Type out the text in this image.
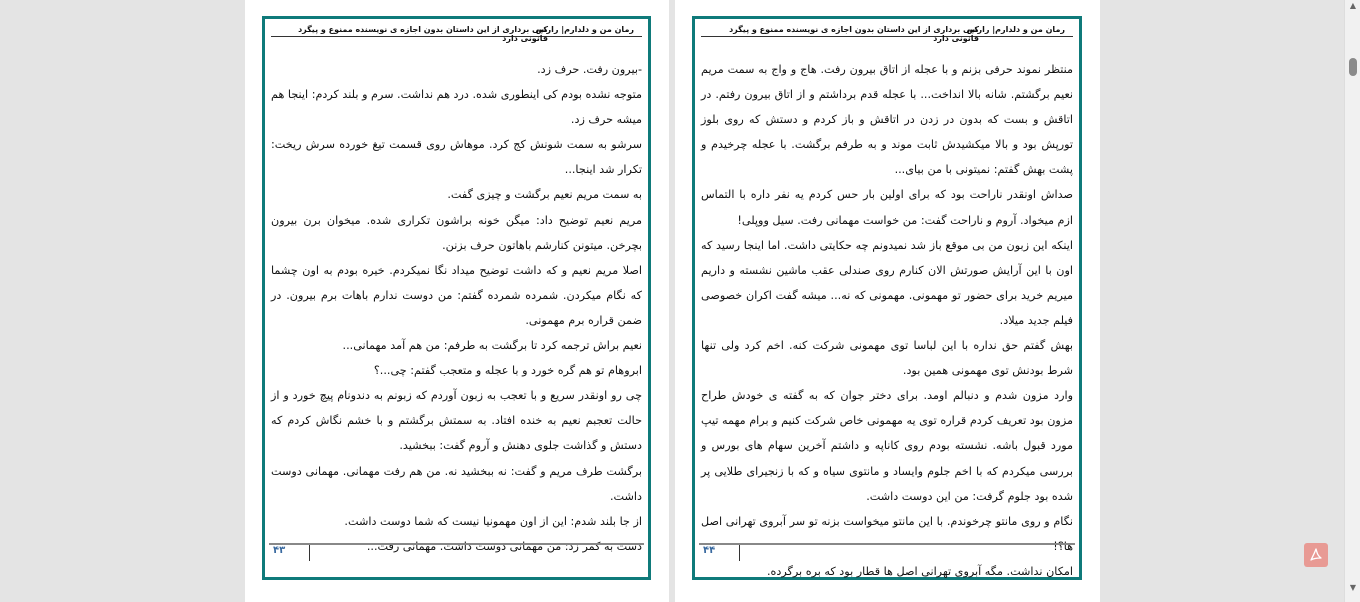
رمان من و دلدارم| رارس
کپی برداری از این داستان بدون اجازه ی نویسنده ممنوع و پیگرد قانونی دارد

-بیرون رفت. حرف زد.

متوجه نشده بودم کی اینطوری شده. درد هم نداشت. سرم و بلند کردم: اینجا هم میشه حرف زد.

سرشو به سمت شونش کج کرد. موهاش روی قسمت تیغ خورده سرش ریخت: تکرار شد اینجا...

به سمت مریم نعیم برگشت و چیزی گفت.

مریم نعیم توضیح داد: میگن خونه براشون تکراری شده. میخوان برن بیرون بچرخن. میتونن کنارشم باهاتون حرف بزنن.

اصلا مریم نعیم و که داشت توضیح میداد نگا نمیکردم. خیره بودم به اون چشما که نگام میکردن. شمرده شمرده گفتم: من دوست ندارم باهات برم بیرون. در ضمن قراره برم مهمونی.

نعیم براش ترجمه کرد تا برگشت به طرفم: من هم آمد مهمانی...

ابروهام تو هم گره خورد و با عجله و متعجب گفتم: چی...؟

چی رو اونقدر سریع و با تعجب به زبون آوردم که زبونم به دندونام پیچ خورد و از حالت تعجبم نعیم به خنده افتاد. به سمتش برگشتم و با خشم نگاش کردم که دستش و گذاشت جلوی دهنش و آروم گفت: ببخشید.

برگشت طرف مریم و گفت: نه ببخشید نه. من هم رفت مهمانی. مهمانی دوست داشت.

از جا بلند شدم: این از اون مهمونیا نیست که شما دوست داشت.

دست به کمر زد: من مهمانی دوست داشت. مهمانی رفت...

۴۳
رمان من و دلدارم| رارس
کپی برداری از این داستان بدون اجازه ی نویسنده ممنوع و پیگرد قانونی دارد

منتظر نموند حرفی بزنم و با عجله از اتاق بیرون رفت. هاج و واج به سمت مریم نعیم برگشتم. شانه بالا انداخت... با عجله قدم برداشتم و از اتاق بیرون رفتم. در اتاقش و بست که بدون در زدن در اتاقش و باز کردم و دستش که روی بلوز تورپش بود و بالا میکشیدش ثابت موند و به طرفم برگشت. با عجله چرخیدم و پشت بهش گفتم: نمیتونی با من بیای...

صداش اونقدر ناراحت بود که برای اولین بار حس کردم یه نفر داره با التماس ازم میخواد. آروم و ناراحت گفت: من خواست مهمانی رفت. سیل ووپلی!

اینکه این زبون من بی موقع باز شد نمیدونم چه حکایتی داشت. اما اینجا رسید که اون با این آرایش صورتش الان کنارم روی صندلی عقب ماشین نشسته و داریم میریم خرید برای حضور تو مهمونی. مهمونی که نه... میشه گفت اکران خصوصی فیلم جدید میلاد.

بهش گفتم حق نداره با این لباسا توی مهمونی شرکت کنه. اخم کرد ولی تنها شرط بودنش توی مهمونی همین بود.

وارد مزون شدم و دنبالم اومد. برای دختر جوان که به گفته ی خودش طراح مزون بود تعریف کردم قراره توی یه مهمونی خاص شرکت کنیم و برام مهمه تیپ مورد قبول باشه. نشسته بودم روی کاناپه و داشتم آخرین سهام های بورس و بررسی میکردم که با اخم جلوم وایساد و مانتوی سیاه و که با زنجیرای طلایی پر شده بود جلوم گرفت: من این دوست داشت.

نگام و روی مانتو چرخوندم. با این مانتو میخواست بزنه تو سر آبروی تهرانی اصل ها؟!

امکان نداشت. مگه آبروی تهرانی اصل ها قطار بود که بره برگرده.

۴۴
▲
▼
